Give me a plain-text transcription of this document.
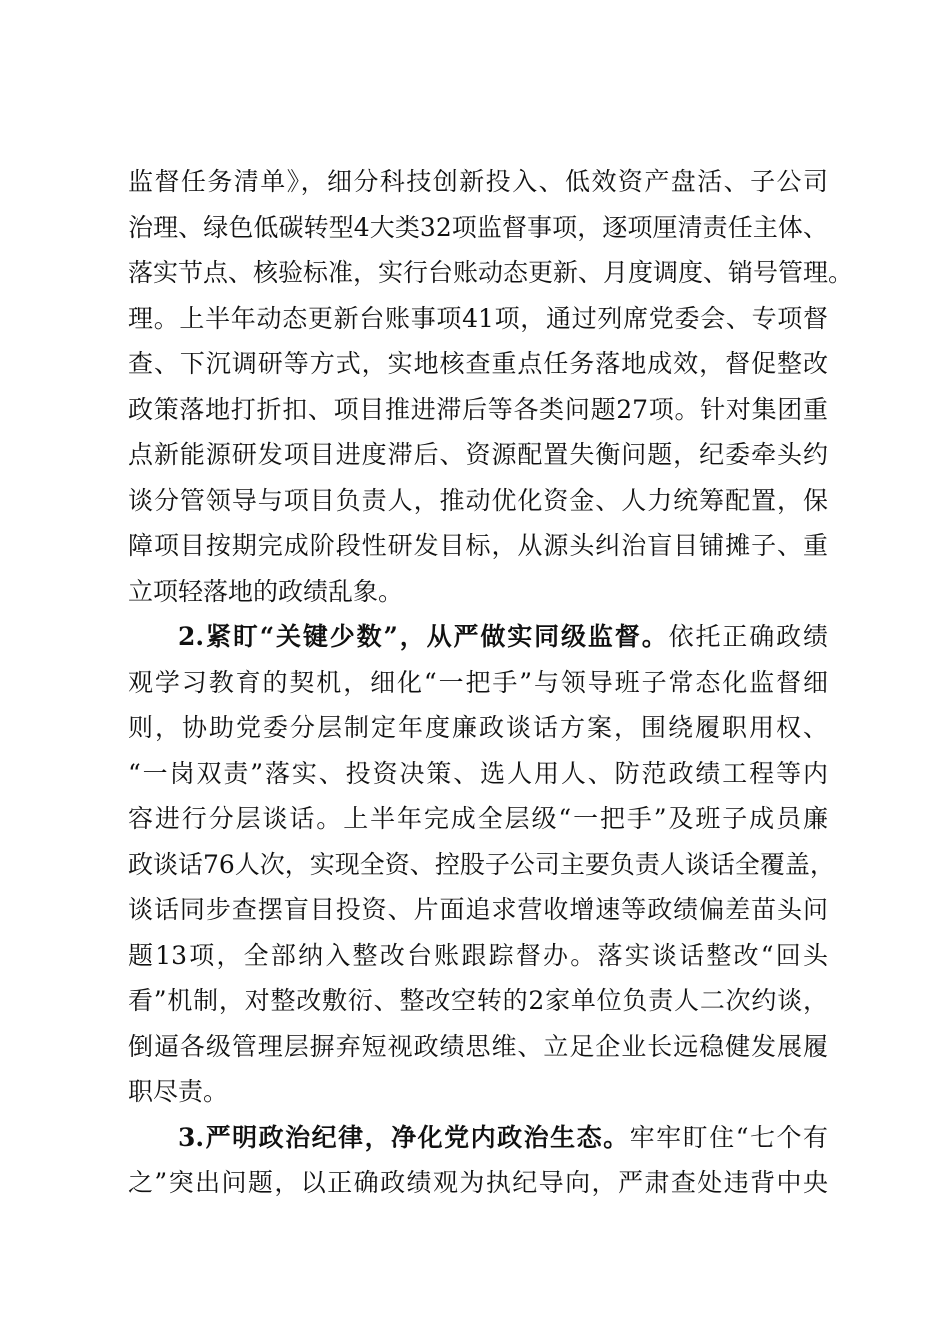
监督任务清单》，细分科技创新投入、低效资产盘活、子公司
治理、绿色低碳转型4大类32项监督事项，逐项厘清责任主体、
落实节点、核验标准，实行台账动态更新、月度调度、销号管理。
理。上半年动态更新台账事项41项，通过列席党委会、专项督
查、下沉调研等方式，实地核查重点任务落地成效，督促整改
政策落地打折扣、项目推进滞后等各类问题27项。针对集团重
点新能源研发项目进度滞后、资源配置失衡问题，纪委牵头约
谈分管领导与项目负责人，推动优化资金、人力统筹配置，保
障项目按期完成阶段性研发目标，从源头纠治盲目铺摊子、重
立项轻落地的政绩乱象。
2.紧盯“关键少数”，从严做实同级监督。依托正确政绩
观学习教育的契机，细化“一把手”与领导班子常态化监督细
则，协助党委分层制定年度廉政谈话方案，围绕履职用权、
“一岗双责”落实、投资决策、选人用人、防范政绩工程等内
容进行分层谈话。上半年完成全层级“一把手”及班子成员廉
政谈话76人次，实现全资、控股子公司主要负责人谈话全覆盖，
谈话同步查摆盲目投资、片面追求营收增速等政绩偏差苗头问
题13项，全部纳入整改台账跟踪督办。落实谈话整改“回头
看”机制，对整改敷衍、整改空转的2家单位负责人二次约谈，
倒逼各级管理层摒弃短视政绩思维、立足企业长远稳健发展履
职尽责。
3.严明政治纪律，净化党内政治生态。牢牢盯住“七个有
之”突出问题，以正确政绩观为执纪导向，严肃查处违背中央
